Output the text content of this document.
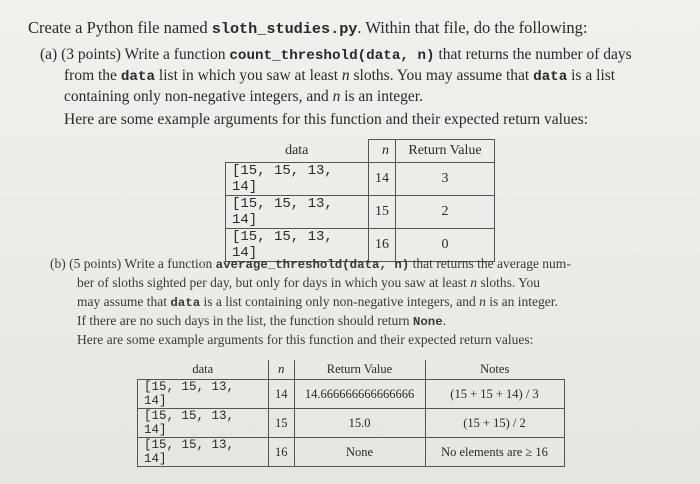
Create a Python file named sloth_studies.py. Within that file, do the following:
(a) (3 points) Write a function count_threshold(data, n) that returns the number of days
from the data list in which you saw at least n sloths. You may assume that data is a list
containing only non-negative integers, and n is an integer.
Here are some example arguments for this function and their expected return values:
data	n	Return Value
[15, 15, 13, 14]	14	3
[15, 15, 13, 14]	15	2
[15, 15, 13, 14]	16	0
(b) (5 points) Write a function average_threshold(data, n) that returns the average num-
ber of sloths sighted per day, but only for days in which you saw at least n sloths. You
may assume that data is a list containing only non-negative integers, and n is an integer.
If there are no such days in the list, the function should return None.
Here are some example arguments for this function and their expected return values:
data	n	Return Value	Notes
[15, 15, 13, 14]	14	14.666666666666666	(15 + 15 + 14) / 3
[15, 15, 13, 14]	15	15.0	(15 + 15) / 2
[15, 15, 13, 14]	16	None	No elements are ≥ 16
